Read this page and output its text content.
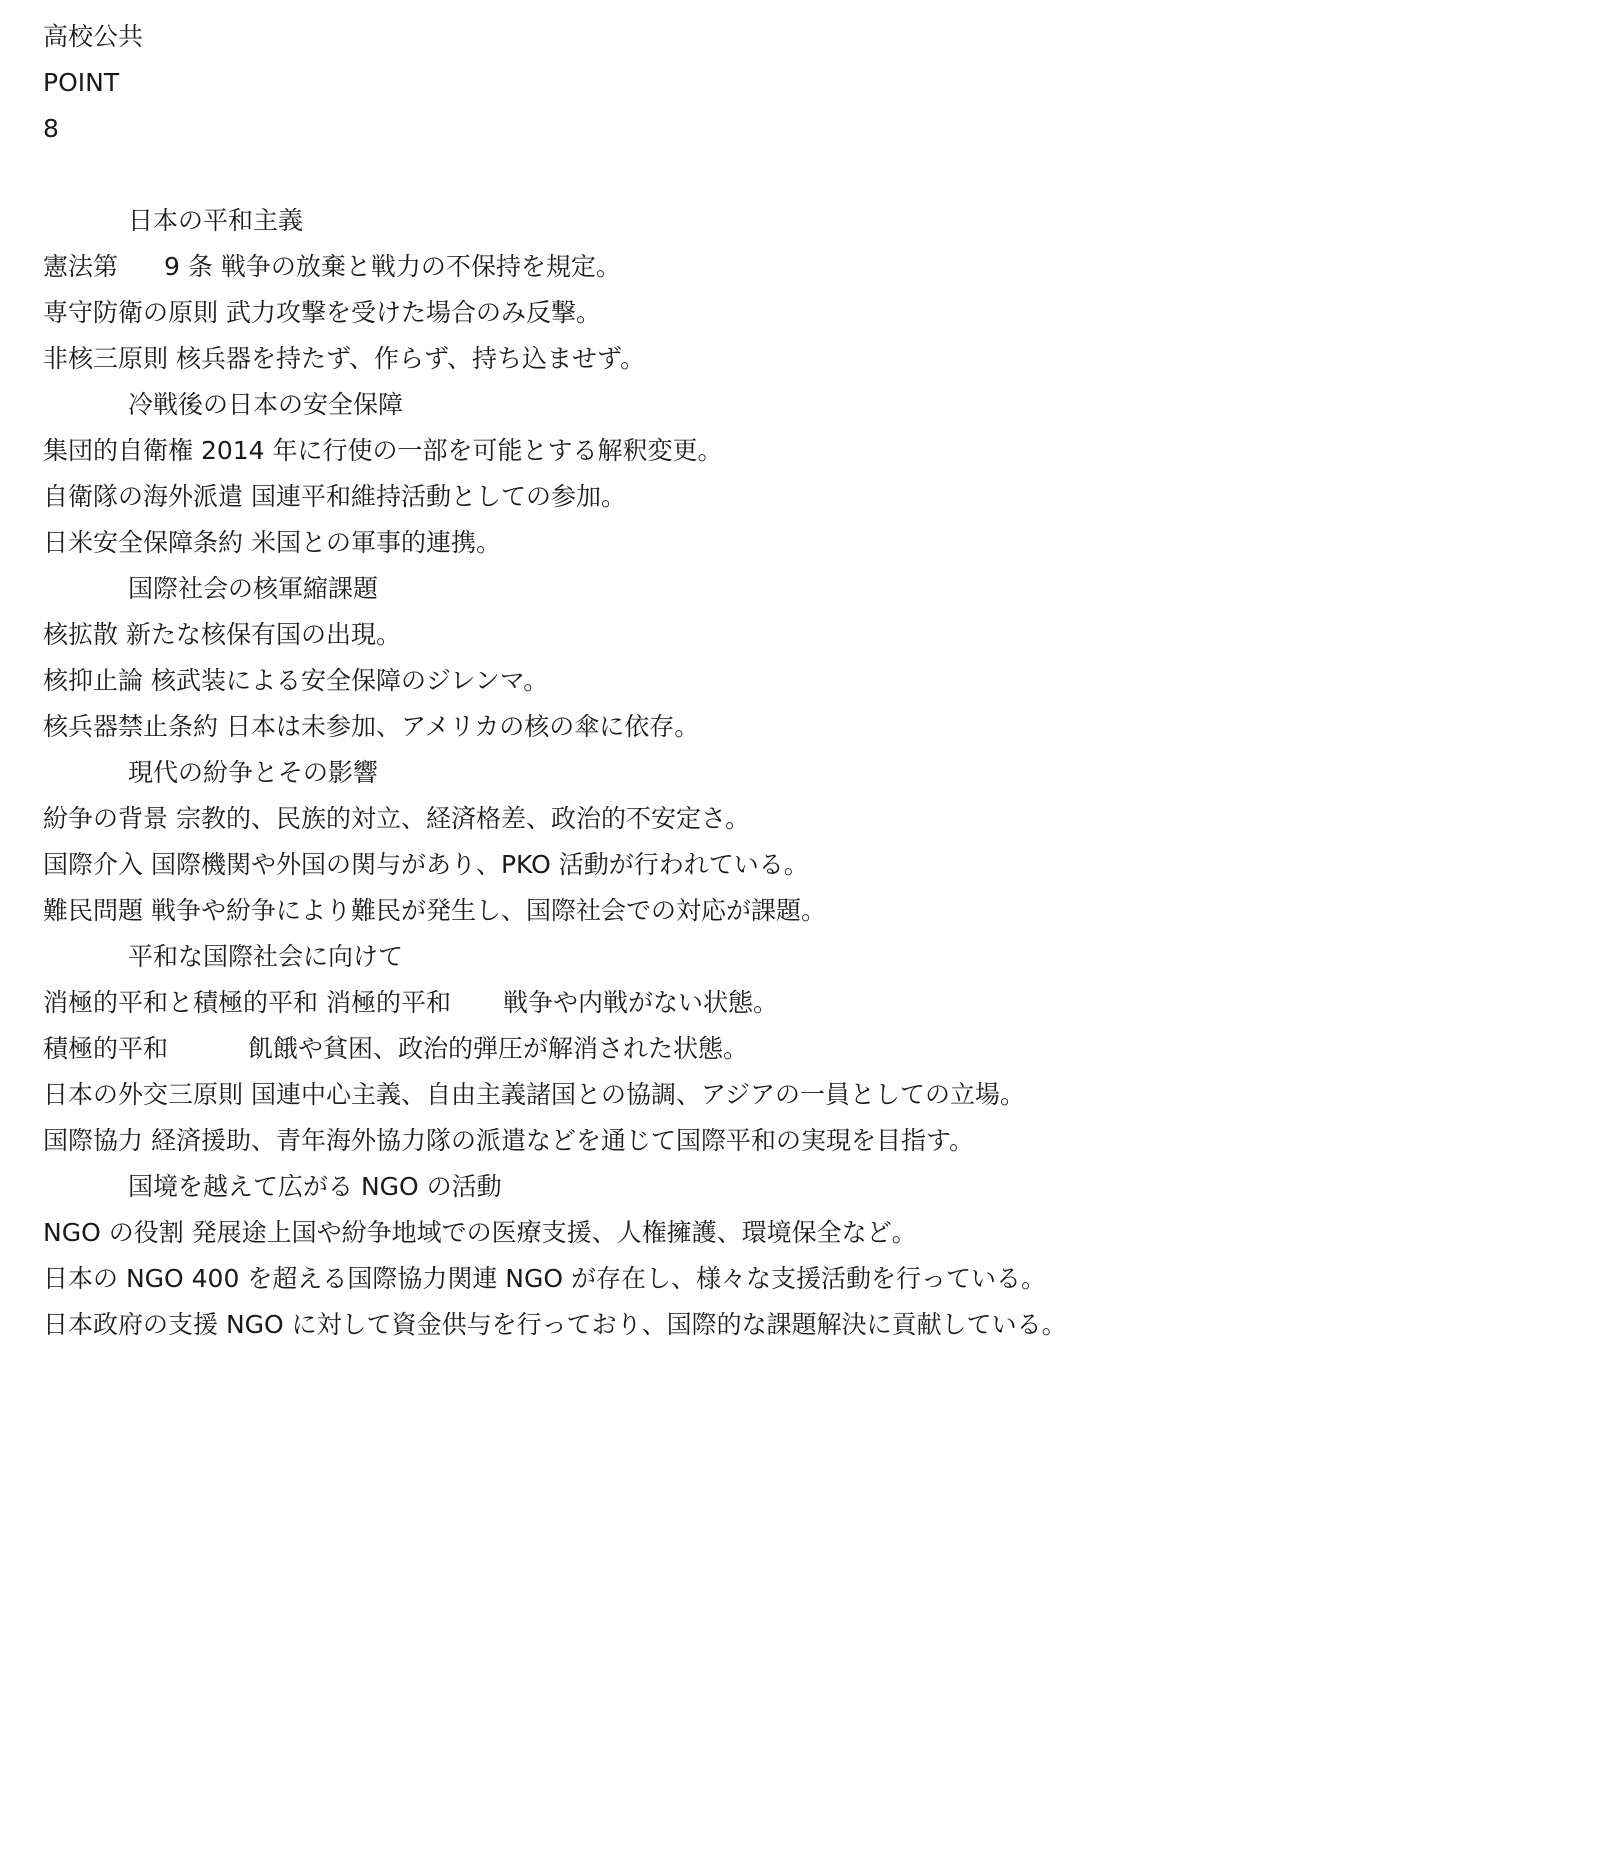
高校公共
POINT
8
日本の平和主義
憲法第 9 条 戦争の放棄と戦力の不保持を規定。
専守防衛の原則 武力攻撃を受けた場合のみ反撃。
非核三原則 核兵器を持たず、作らず、持ち込ませず。
冷戦後の日本の安全保障
集団的自衛権 2014 年に行使の一部を可能とする解釈変更。
自衛隊の海外派遣 国連平和維持活動としての参加。
日米安全保障条約 米国との軍事的連携。
国際社会の核軍縮課題
核拡散 新たな核保有国の出現。
核抑止論 核武装による安全保障のジレンマ。
核兵器禁止条約 日本は未参加、アメリカの核の傘に依存。
現代の紛争とその影響
紛争の背景 宗教的、民族的対立、経済格差、政治的不安定さ。
国際介入 国際機関や外国の関与があり、PKO 活動が行われている。
難民問題 戦争や紛争により難民が発生し、国際社会での対応が課題。
平和な国際社会に向けて
消極的平和と積極的平和 消極的平和 戦争や内戦がない状態。
積極的平和	飢餓や貧困、政治的弾圧が解消された状態。
日本の外交三原則 国連中心主義、自由主義諸国との協調、アジアの一員としての立場。
国際協力 経済援助、青年海外協力隊の派遣などを通じて国際平和の実現を目指す。
国境を越えて広がる NGO の活動
NGO の役割 発展途上国や紛争地域での医療支援、人権擁護、環境保全など。
日本の NGO 400 を超える国際協力関連 NGO が存在し、様々な支援活動を行っている。
日本政府の支援 NGO に対して資金供与を行っており、国際的な課題解決に貢献している。
